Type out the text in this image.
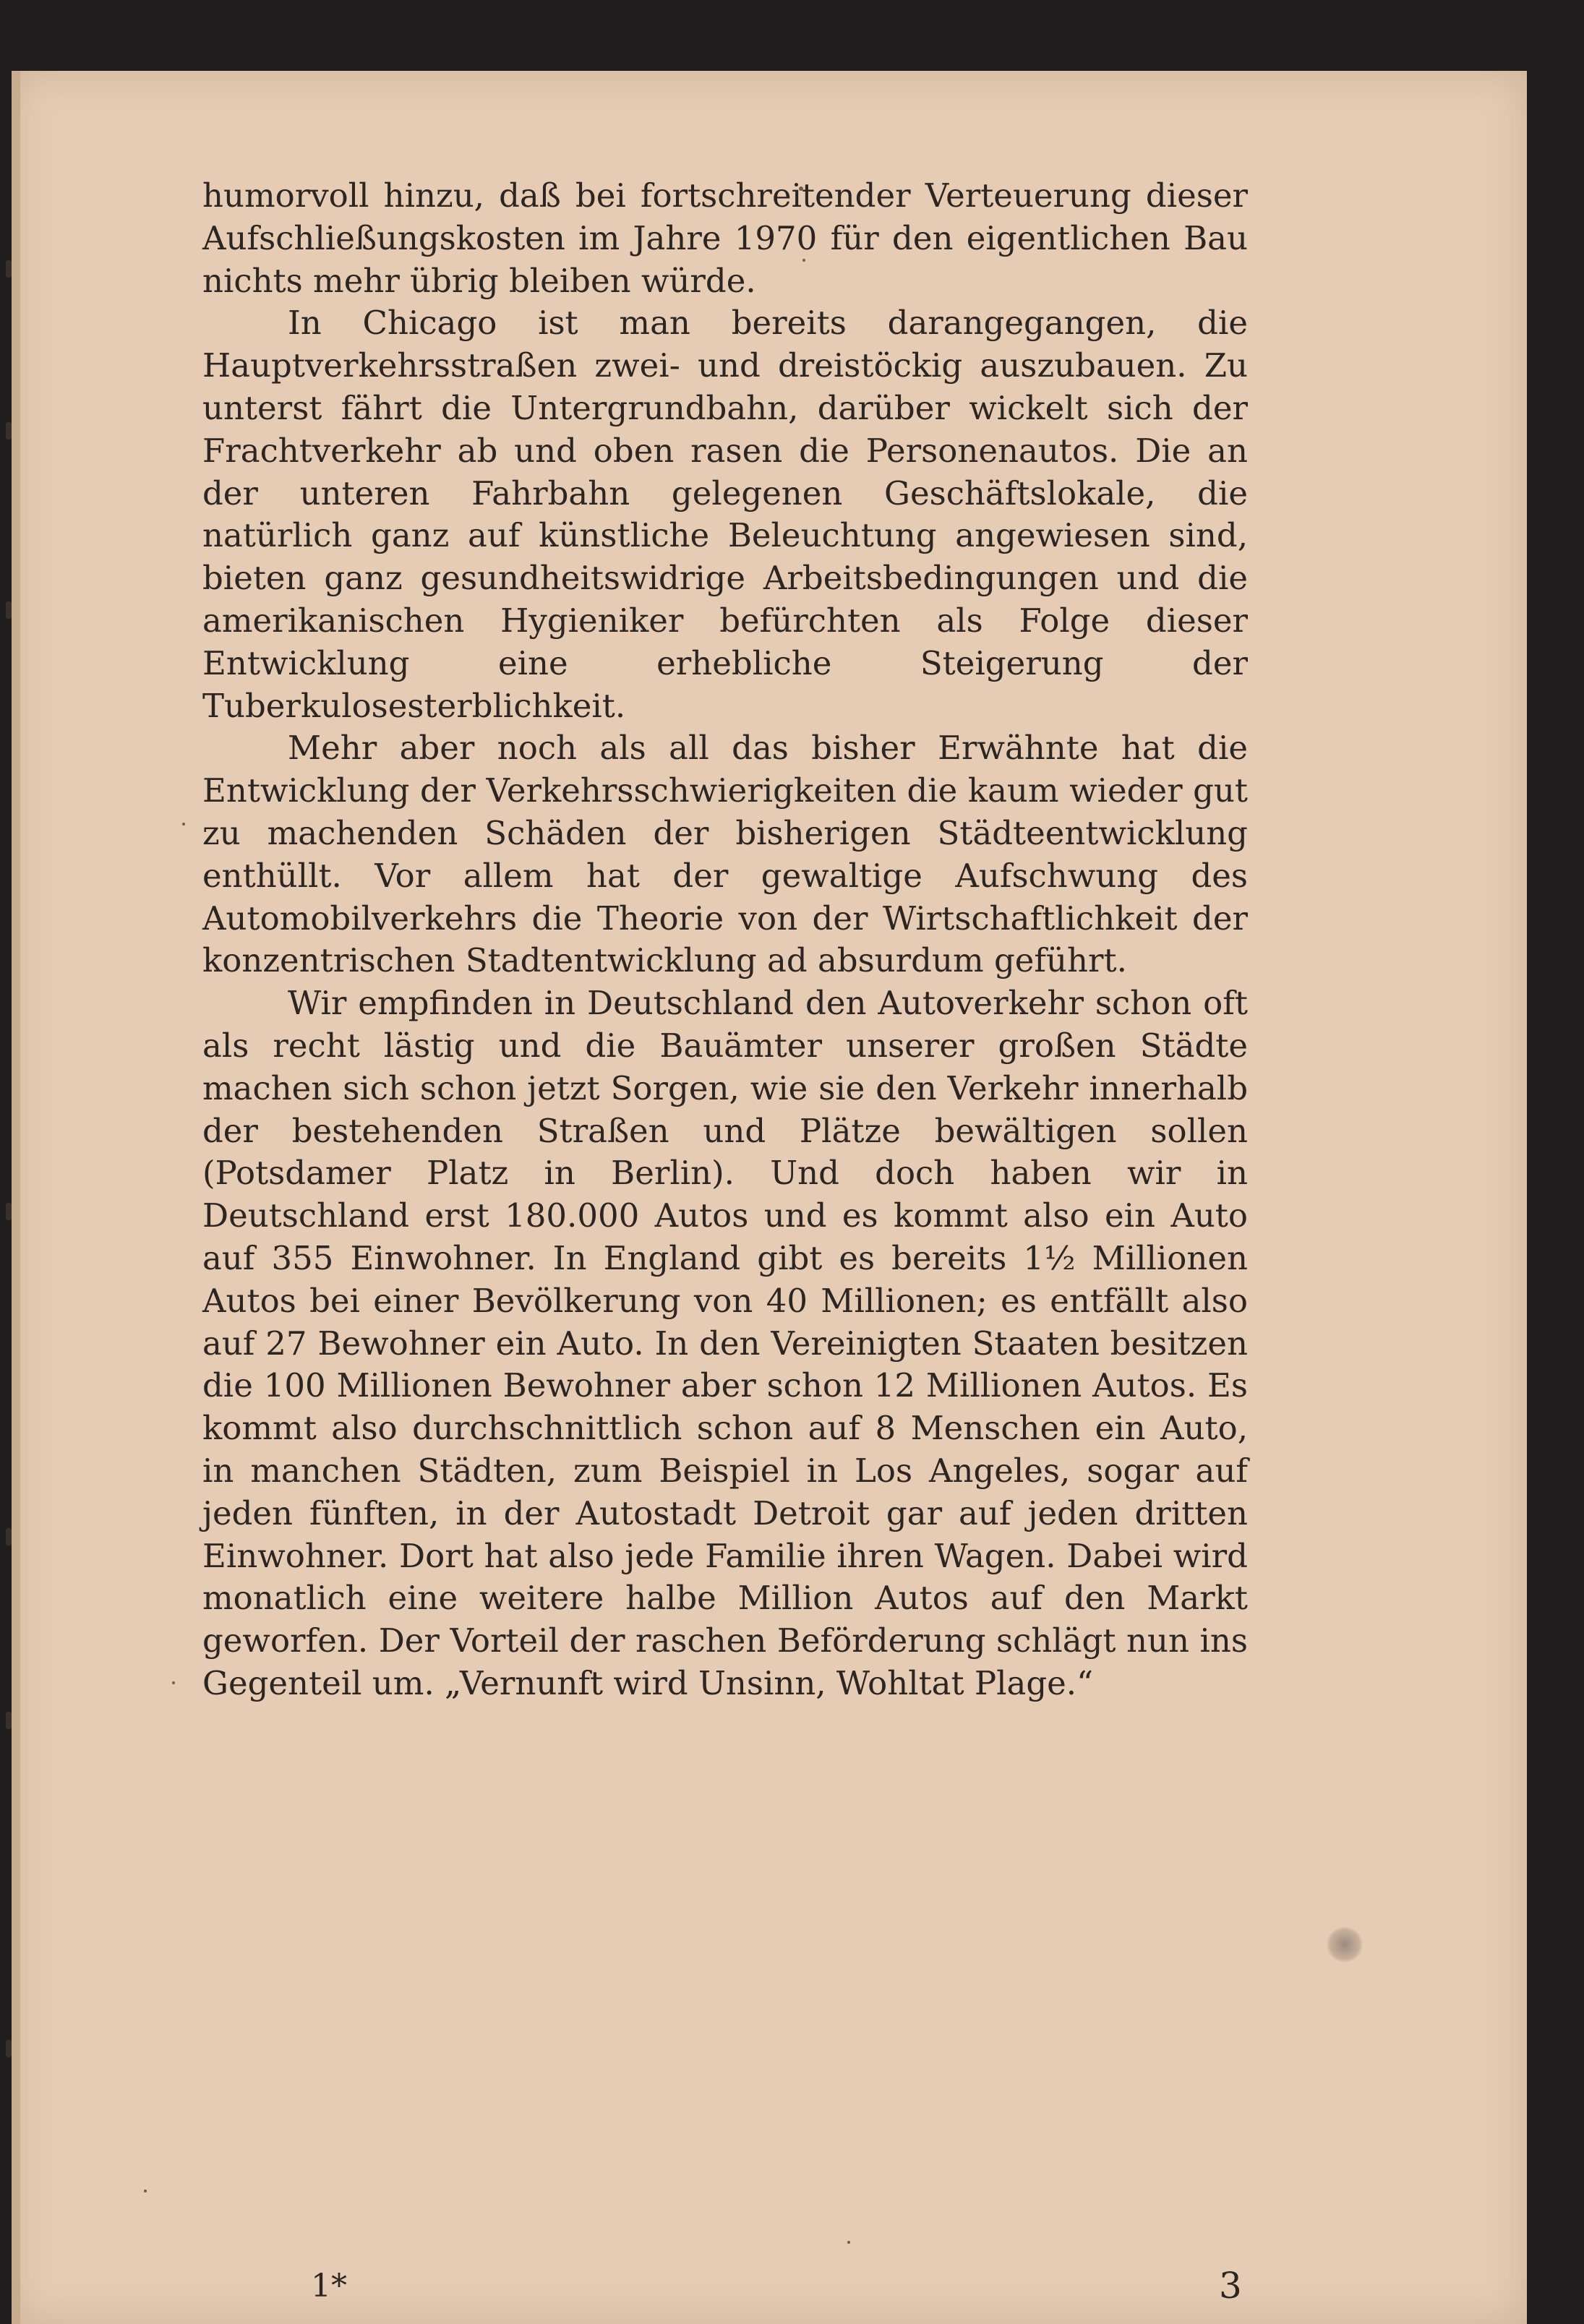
humorvoll hinzu, daß bei fortschreitender Verteuerung dieser Aufschließungskosten im Jahre 1970 für den eigentlichen Bau nichts mehr übrig bleiben würde.

In Chicago ist man bereits darangegangen, die Hauptverkehrsstraßen zwei- und dreistöckig auszubauen. Zu unterst fährt die Untergrundbahn, darüber wickelt sich der Frachtverkehr ab und oben rasen die Personenautos. Die an der unteren Fahrbahn gelegenen Geschäftslokale, die natürlich ganz auf künstliche Beleuchtung angewiesen sind, bieten ganz gesundheitswidrige Arbeitsbedingungen und die amerikanischen Hygieniker befürchten als Folge dieser Entwicklung eine erhebliche Steigerung der Tuberkulosesterblichkeit.

Mehr aber noch als all das bisher Erwähnte hat die Entwicklung der Verkehrsschwierigkeiten die kaum wieder gut zu machenden Schäden der bisherigen Städteentwicklung enthüllt. Vor allem hat der gewaltige Aufschwung des Automobilverkehrs die Theorie von der Wirtschaftlichkeit der konzentrischen Stadtentwicklung ad absurdum geführt.

Wir empfinden in Deutschland den Autoverkehr schon oft als recht lästig und die Bauämter unserer großen Städte machen sich schon jetzt Sorgen, wie sie den Verkehr innerhalb der bestehenden Straßen und Plätze bewältigen sollen (Potsdamer Platz in Berlin). Und doch haben wir in Deutschland erst 180.000 Autos und es kommt also ein Auto auf 355 Einwohner. In England gibt es bereits 1½ Millionen Autos bei einer Bevölkerung von 40 Millionen; es entfällt also auf 27 Bewohner ein Auto. In den Vereinigten Staaten besitzen die 100 Millionen Bewohner aber schon 12 Millionen Autos. Es kommt also durchschnittlich schon auf 8 Menschen ein Auto, in manchen Städten, zum Beispiel in Los Angeles, sogar auf jeden fünften, in der Autostadt Detroit gar auf jeden dritten Einwohner. Dort hat also jede Familie ihren Wagen. Dabei wird monatlich eine weitere halbe Million Autos auf den Markt geworfen. Der Vorteil der raschen Beförderung schlägt nun ins Gegenteil um. „Vernunft wird Unsinn, Wohltat Plage.“

1*	3
